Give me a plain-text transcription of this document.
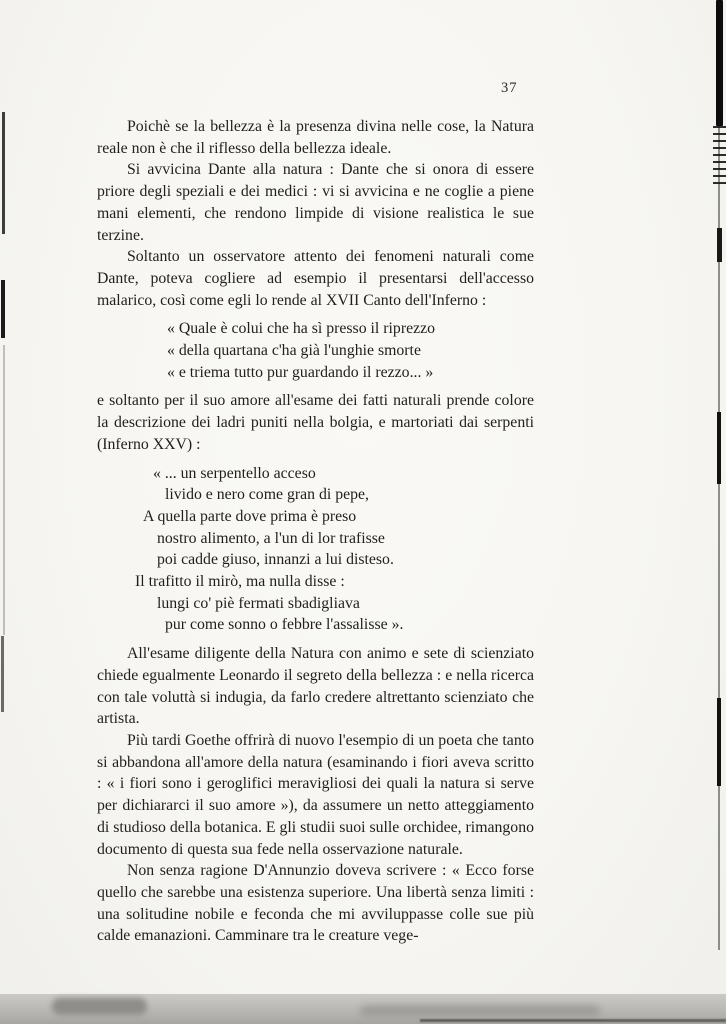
37

Poichè se la bellezza è la presenza divina nelle cose, la Natura reale non è che il riflesso della bellezza ideale.

Si avvicina Dante alla natura : Dante che si onora di essere priore degli speziali e dei medici : vi si avvicina e ne coglie a piene mani elementi, che rendono limpide di visione realistica le sue terzine.

Soltanto un osservatore attento dei fenomeni naturali come Dante, poteva cogliere ad esempio il presentarsi dell'accesso malarico, così come egli lo rende al XVII Canto dell'Inferno :

« Quale è colui che ha sì presso il riprezzo
« della quartana c'ha già l'unghie smorte
« e triema tutto pur guardando il rezzo... »

e soltanto per il suo amore all'esame dei fatti naturali prende colore la descrizione dei ladri puniti nella bolgia, e martoriati dai serpenti (Inferno XXV) :

« ... un serpentello acceso
livido e nero come gran di pepe,
A quella parte dove prima è preso
nostro alimento, a l'un di lor trafisse
poi cadde giuso, innanzi a lui disteso.
Il trafitto il mirò, ma nulla disse :
lungi co' piè fermati sbadigliava
pur come sonno o febbre l'assalisse ».

All'esame diligente della Natura con animo e sete di scienziato chiede egualmente Leonardo il segreto della bellezza : e nella ricerca con tale voluttà si indugia, da farlo credere altrettanto scienziato che artista.

Più tardi Goethe offrirà di nuovo l'esempio di un poeta che tanto si abbandona all'amore della natura (esaminando i fiori aveva scritto : « i fiori sono i geroglifici meravigliosi dei quali la natura si serve per dichiararci il suo amore »), da assumere un netto atteggiamento di studioso della botanica. E gli studii suoi sulle orchidee, rimangono documento di questa sua fede nella osservazione naturale.

Non senza ragione D'Annunzio doveva scrivere : « Ecco forse quello che sarebbe una esistenza superiore. Una libertà senza limiti : una solitudine nobile e feconda che mi avviluppasse colle sue più calde emanazioni. Camminare tra le creature vege-
